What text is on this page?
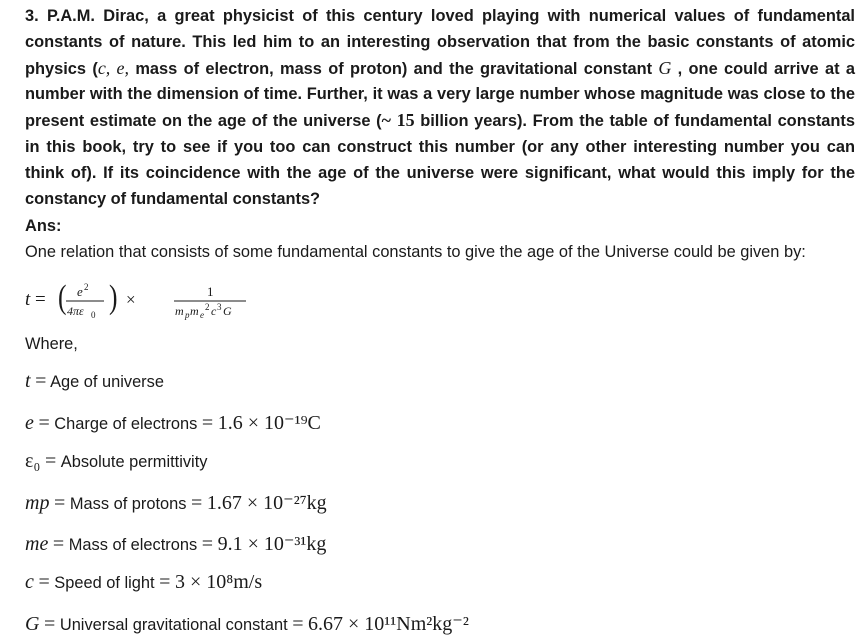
3. P.A.M. Dirac, a great physicist of this century loved playing with numerical values of fundamental constants of nature. This led him to an interesting observation that from the basic constants of atomic physics (c, e, mass of electron, mass of proton) and the gravitational constant G , one could arrive at a number with the dimension of time. Further, it was a very large number whose magnitude was close to the present estimate on the age of the universe (~ 15 billion years). From the table of fundamental constants in this book, try to see if you too can construct this number (or any other interesting number you can think of). If its coincidence with the age of the universe were significant, what would this imply for the constancy of fundamental constants?
Ans:
One relation that consists of some fundamental constants to give the age of the Universe could be given by:
t = ( e 2
4πε 0 ) ×	1
m p m e
2 c 3 G
Where,
t = Age of universe
e = Charge of electrons = 1.6 × 10⁻¹⁹C
ε₀ = Absolute permittivity
mp = Mass of protons = 1.67 × 10⁻²⁷kg
me = Mass of electrons = 9.1 × 10⁻³¹kg
c = Speed of light = 3 × 10⁸m/s
G = Universal gravitational constant = 6.67 × 10¹¹Nm²kg⁻²
